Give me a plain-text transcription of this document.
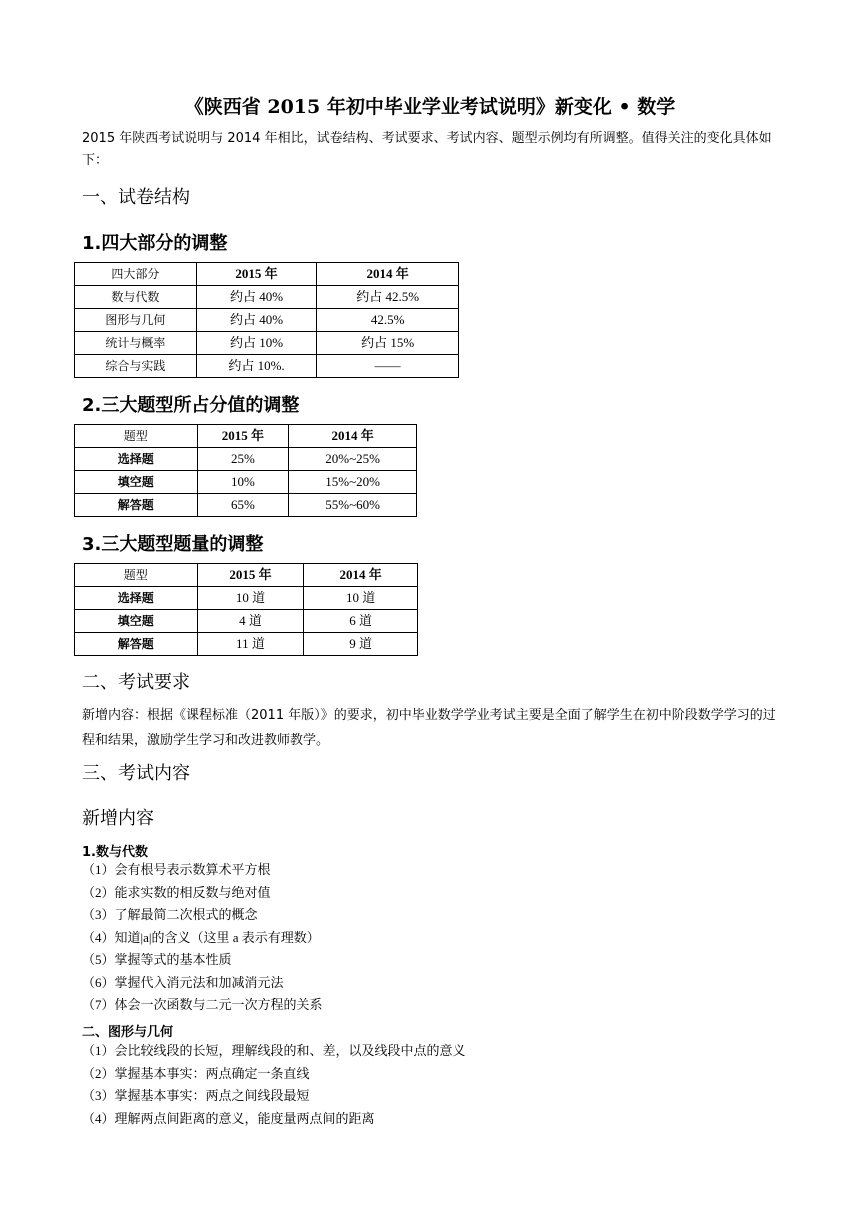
《陕西省 2015 年初中毕业学业考试说明》新变化 • 数学
2015 年陕西考试说明与 2014 年相比，试卷结构、考试要求、考试内容、题型示例均有所调整。值得关注的变化具体如下：
一、试卷结构
1.四大部分的调整
四大部分	2015 年	2014 年
数与代数	约占 40%	约占 42.5%
图形与几何	约占 40%	42.5%
统计与概率	约占 10%	约占 15%
综合与实践	约占 10%.	——
2.三大题型所占分值的调整
题型	2015 年	2014 年
选择题	25%	20%~25%
填空题	10%	15%~20%
解答题	65%	55%~60%
3.三大题型题量的调整
题型	2015 年	2014 年
选择题	10 道	10 道
填空题	4 道	6 道
解答题	11 道	9 道
二、考试要求
新增内容：根据《课程标准（2011 年版）》的要求，初中毕业数学学业考试主要是全面了解学生在初中阶段数学学习的过程和结果，激励学生学习和改进教师教学。
三、考试内容
新增内容
1.数与代数
（1）会有根号表示数算术平方根
（2）能求实数的相反数与绝对值
（3）了解最简二次根式的概念
（4）知道|a|的含义（这里 a 表示有理数）
（5）掌握等式的基本性质
（6）掌握代入消元法和加减消元法
（7）体会一次函数与二元一次方程的关系
二、图形与几何
（1）会比较线段的长短，理解线段的和、差，以及线段中点的意义
（2）掌握基本事实：两点确定一条直线
（3）掌握基本事实：两点之间线段最短
（4）理解两点间距离的意义，能度量两点间的距离
